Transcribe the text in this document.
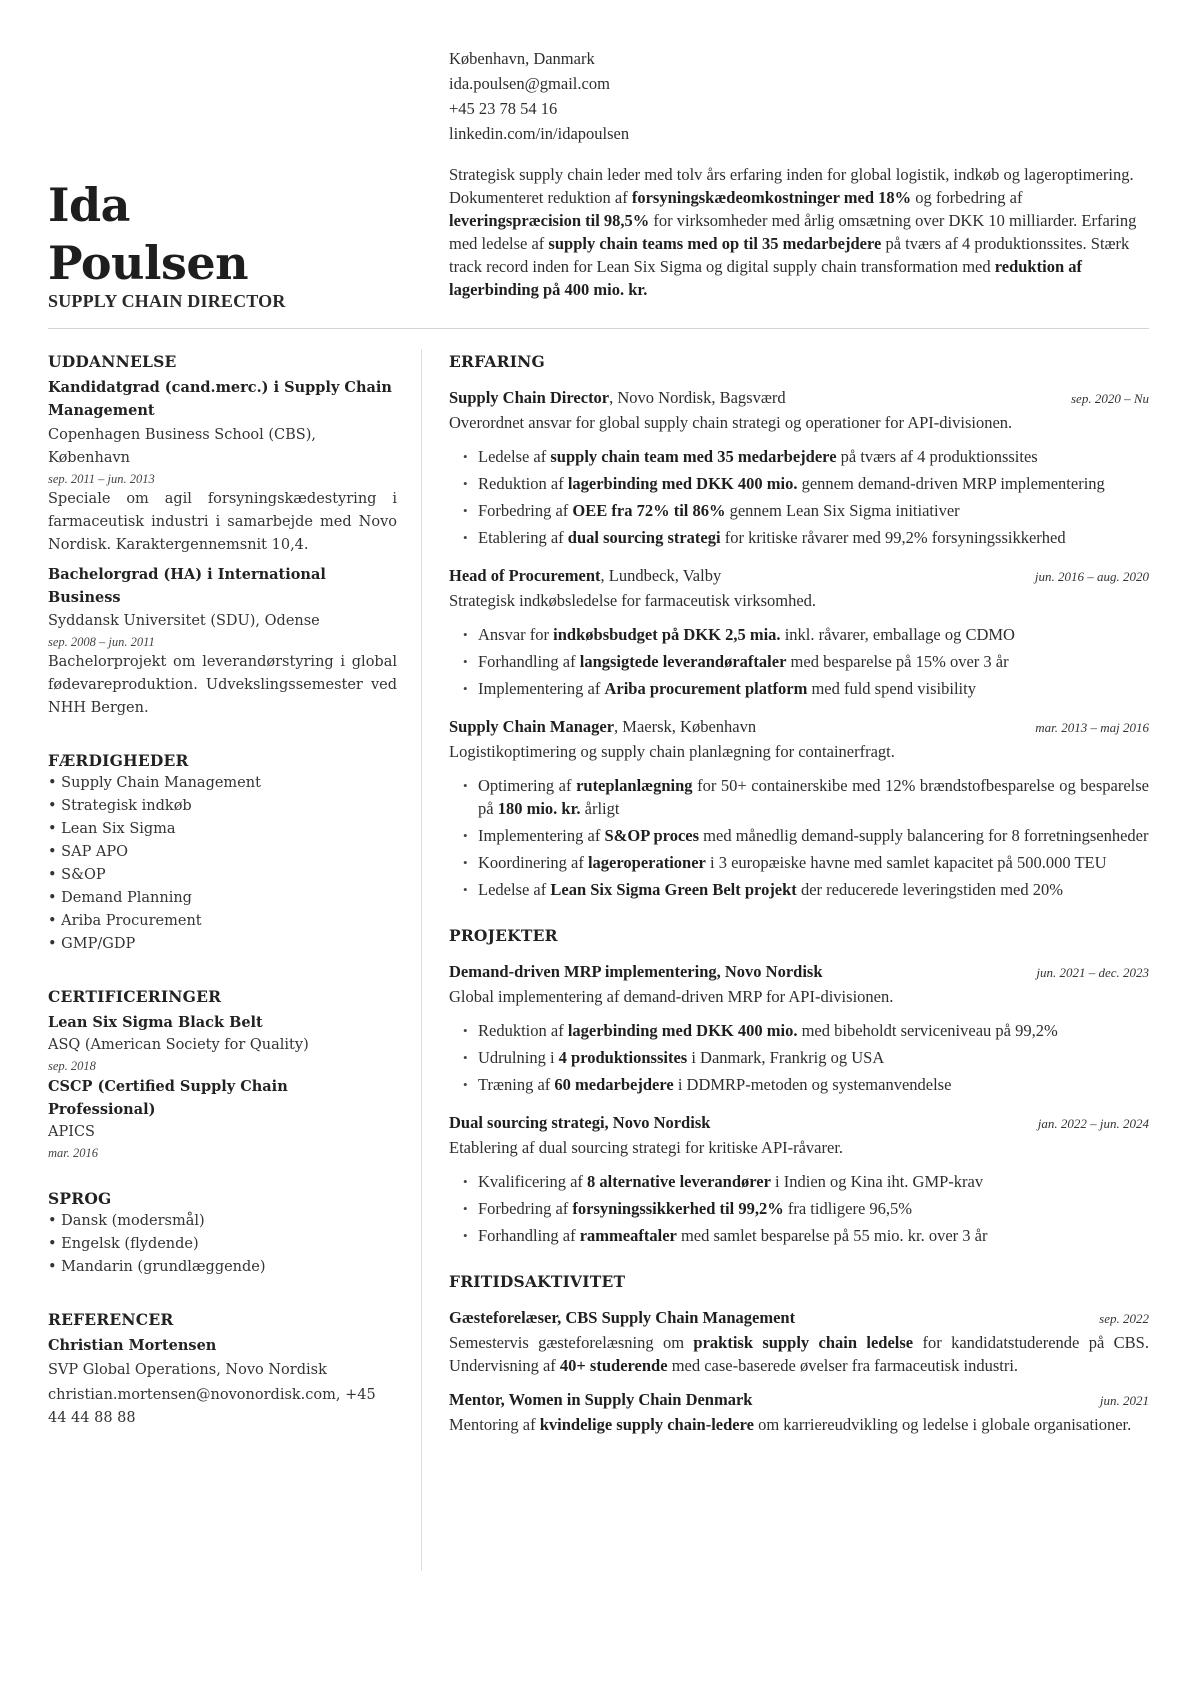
Ida
Poulsen
SUPPLY CHAIN DIRECTOR
København, Danmark
ida.poulsen@gmail.com
+45 23 78 54 16
linkedin.com/in/idapoulsen
Strategisk supply chain leder med tolv års erfaring inden for global logistik, indkøb og lageroptimering. Dokumenteret reduktion af forsyningskædeomkostninger med 18% og forbedring af leveringspræcision til 98,5% for virksomheder med årlig omsætning over DKK 10 milliarder. Erfaring med ledelse af supply chain teams med op til 35 medarbejdere på tværs af 4 produktionssites. Stærk track record inden for Lean Six Sigma og digital supply chain transformation med reduktion af lagerbinding på 400 mio. kr.
UDDANNELSE
Kandidatgrad (cand.merc.) i Supply Chain Management
Copenhagen Business School (CBS), København
sep. 2011 – jun. 2013
Speciale om agil forsyningskædestyring i farmaceutisk industri i samarbejde med Novo Nordisk. Karaktergennemsnit 10,4.
Bachelorgrad (HA) i International Business
Syddansk Universitet (SDU), Odense
sep. 2008 – jun. 2011
Bachelorprojekt om leverandørstyring i global fødevareproduktion. Udvekslingssemester ved NHH Bergen.
FÆRDIGHEDER
• Supply Chain Management
• Strategisk indkøb
• Lean Six Sigma
• SAP APO
• S&OP
• Demand Planning
• Ariba Procurement
• GMP/GDP
CERTIFICERINGER
Lean Six Sigma Black Belt
ASQ (American Society for Quality)
sep. 2018
CSCP (Certified Supply Chain Professional)
APICS
mar. 2016
SPROG
• Dansk (modersmål)
• Engelsk (flydende)
• Mandarin (grundlæggende)
REFERENCER
Christian Mortensen
SVP Global Operations, Novo Nordisk
christian.mortensen@novonordisk.com, +45 44 44 88 88
ERFARING
Supply Chain Director, Novo Nordisk, Bagsværd	sep. 2020 – Nu
Overordnet ansvar for global supply chain strategi og operationer for API-divisionen.
• Ledelse af supply chain team med 35 medarbejdere på tværs af 4 produktionssites
• Reduktion af lagerbinding med DKK 400 mio. gennem demand-driven MRP implementering
• Forbedring af OEE fra 72% til 86% gennem Lean Six Sigma initiativer
• Etablering af dual sourcing strategi for kritiske råvarer med 99,2% forsyningssikkerhed
Head of Procurement, Lundbeck, Valby	jun. 2016 – aug. 2020
Strategisk indkøbsledelse for farmaceutisk virksomhed.
• Ansvar for indkøbsbudget på DKK 2,5 mia. inkl. råvarer, emballage og CDMO
• Forhandling af langsigtede leverandøraftaler med besparelse på 15% over 3 år
• Implementering af Ariba procurement platform med fuld spend visibility
Supply Chain Manager, Maersk, København	mar. 2013 – maj 2016
Logistikoptimering og supply chain planlægning for containerfragt.
• Optimering af ruteplanlægning for 50+ containerskibe med 12% brændstofbesparelse og besparelse på 180 mio. kr. årligt
• Implementering af S&OP proces med månedlig demand-supply balancering for 8 forretningsenheder
• Koordinering af lageroperationer i 3 europæiske havne med samlet kapacitet på 500.000 TEU
• Ledelse af Lean Six Sigma Green Belt projekt der reducerede leveringstiden med 20%
PROJEKTER
Demand-driven MRP implementering, Novo Nordisk	jun. 2021 – dec. 2023
Global implementering af demand-driven MRP for API-divisionen.
• Reduktion af lagerbinding med DKK 400 mio. med bibeholdt serviceniveau på 99,2%
• Udrulning i 4 produktionssites i Danmark, Frankrig og USA
• Træning af 60 medarbejdere i DDMRP-metoden og systemanvendelse
Dual sourcing strategi, Novo Nordisk	jan. 2022 – jun. 2024
Etablering af dual sourcing strategi for kritiske API-råvarer.
• Kvalificering af 8 alternative leverandører i Indien og Kina iht. GMP-krav
• Forbedring af forsyningssikkerhed til 99,2% fra tidligere 96,5%
• Forhandling af rammeaftaler med samlet besparelse på 55 mio. kr. over 3 år
FRITIDSAKTIVITET
Gæsteforelæser, CBS Supply Chain Management	sep. 2022
Semestervis gæsteforelæsning om praktisk supply chain ledelse for kandidatstuderende på CBS. Undervisning af 40+ studerende med case-baserede øvelser fra farmaceutisk industri.
Mentor, Women in Supply Chain Denmark	jun. 2021
Mentoring af kvindelige supply chain-ledere om karriereudvikling og ledelse i globale organisationer.
